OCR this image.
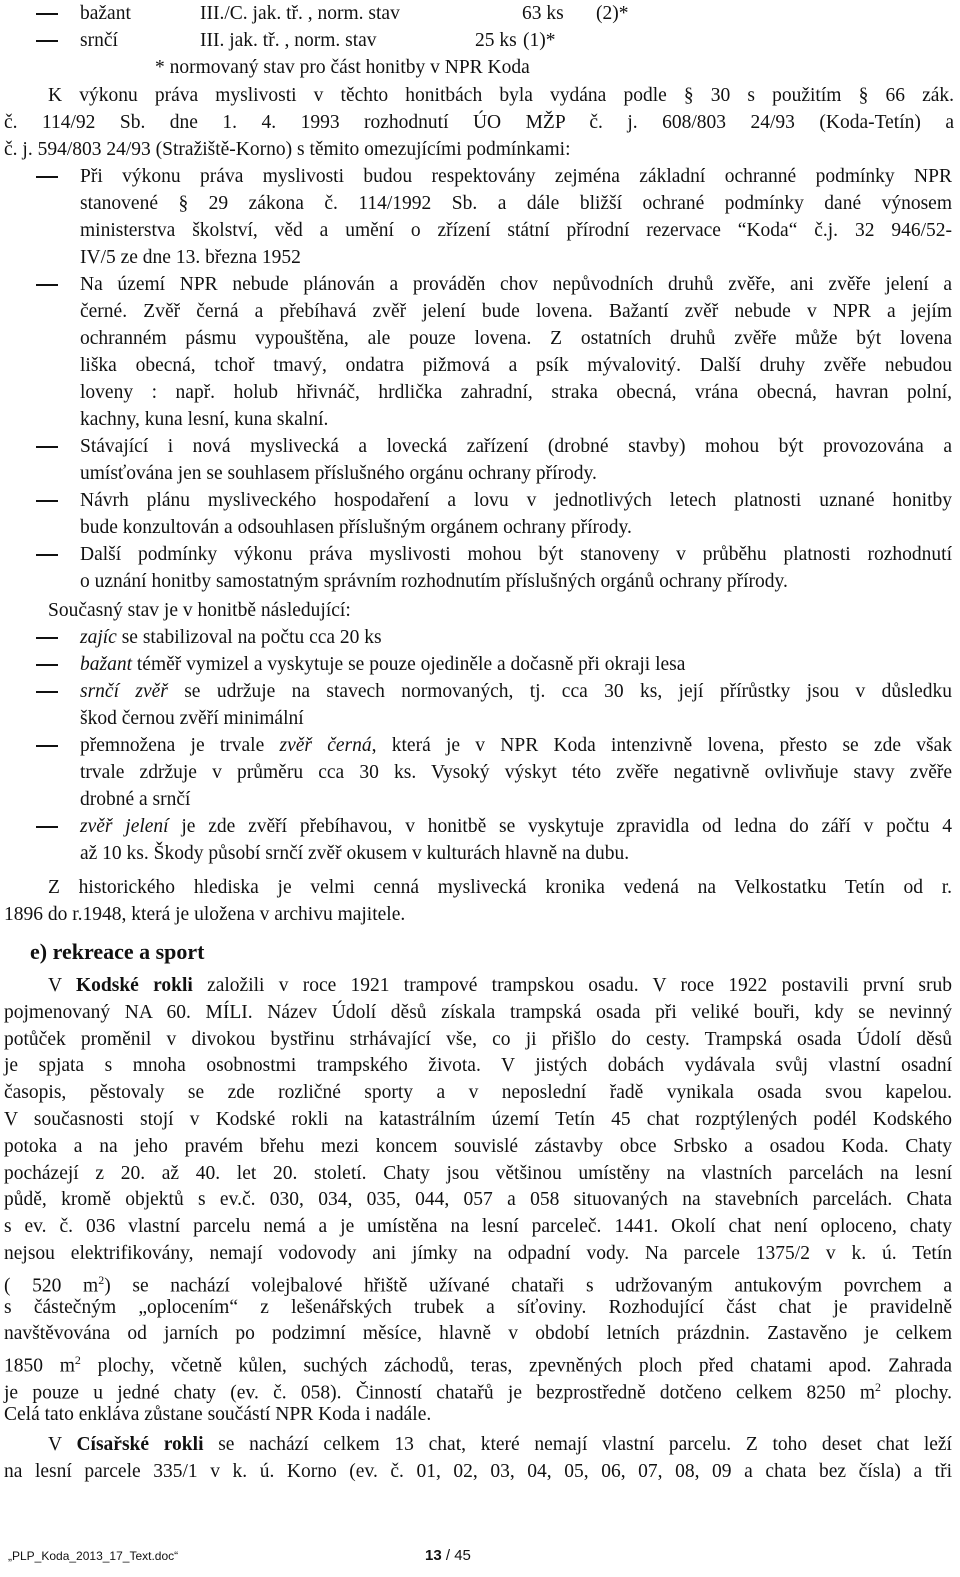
bažant	III./C. jak. tř. , norm. stav	63 ks (2)*
srnčí	III. jak. tř. , norm. stav	25 ks (1)*
* normovaný stav pro část honitby v NPR Koda
K výkonu práva myslivosti v těchto honitbách byla vydána podle § 30 s použitím § 66 zák.
č. 114/92 Sb. dne 1. 4. 1993 rozhodnutí ÚO MŽP č. j. 608/803 24/93 (Koda-Tetín) a
č. j. 594/803 24/93 (Stražiště-Korno) s těmito omezujícími podmínkami:
Při výkonu práva myslivosti budou respektovány zejména základní ochranné podmínky NPR
stanovené § 29 zákona č. 114/1992 Sb. a dále bližší ochrané podmínky dané výnosem
ministerstva školství, věd a umění o zřízení státní přírodní rezervace “Koda“ č.j. 32 946/52-
IV/5 ze dne 13. března 1952
Na území NPR nebude plánován a prováděn chov nepůvodních druhů zvěře, ani zvěře jelení a
černé. Zvěř černá a přebíhavá zvěř jelení bude lovena. Bažantí zvěř nebude v NPR a jejím
ochranném pásmu vypouštěna, ale pouze lovena. Z ostatních druhů zvěře může být lovena
liška obecná, tchoř tmavý, ondatra pižmová a psík mývalovitý. Další druhy zvěře nebudou
loveny : např. holub hřivnáč, hrdlička zahradní, straka obecná, vrána obecná, havran polní,
kachny, kuna lesní, kuna skalní.
Stávající i nová myslivecká a lovecká zařízení (drobné stavby) mohou být provozována a
umísťována jen se souhlasem příslušného orgánu ochrany přírody.
Návrh plánu mysliveckého hospodaření a lovu v jednotlivých letech platnosti uznané honitby
bude konzultován a odsouhlasen příslušným orgánem ochrany přírody.
Další podmínky výkonu práva myslivosti mohou být stanoveny v průběhu platnosti rozhodnutí
o uznání honitby samostatným správním rozhodnutím příslušných orgánů ochrany přírody.
Současný stav je v honitbě následující:
zajíc se stabilizoval na počtu cca 20 ks
bažant téměř vymizel a vyskytuje se pouze ojediněle a dočasně při okraji lesa
srnčí zvěř se udržuje na stavech normovaných, tj. cca 30 ks, její přírůstky jsou v důsledku
škod černou zvěří minimální
přemnožena je trvale zvěř černá, která je v NPR Koda intenzivně lovena, přesto se zde však
trvale zdržuje v průměru cca 30 ks. Vysoký výskyt této zvěře negativně ovlivňuje stavy zvěře
drobné a srnčí
zvěř jelení je zde zvěří přebíhavou, v honitbě se vyskytuje zpravidla od ledna do září v počtu 4
až 10 ks. Škody působí srnčí zvěř okusem v kulturách hlavně na dubu.
Z historického hlediska je velmi cenná myslivecká kronika vedená na Velkostatku Tetín od r.
1896 do r.1948, která je uložena v archivu majitele.
e) rekreace a sport
V Kodské rokli založili v roce 1921 trampové trampskou osadu. V roce 1922 postavili první srub
pojmenovaný NA 60. MÍLI. Název Údolí děsů získala trampská osada při veliké bouři, kdy se nevinný
potůček proměnil v divokou bystřinu strhávající vše, co ji přišlo do cesty. Trampská osada Údolí děsů
je spjata s mnoha osobnostmi trampského života. V jistých dobách vydávala svůj vlastní osadní
časopis, pěstovaly se zde rozličné sporty a v neposlední řadě vynikala osada svou kapelou.
V současnosti stojí v Kodské rokli na katastrálním území Tetín 45 chat rozptýlených podél Kodského
potoka a na jeho pravém břehu mezi koncem souvislé zástavby obce Srbsko a osadou Koda. Chaty
pocházejí z 20. až 40. let 20. století. Chaty jsou většinou umístěny na vlastních parcelách na lesní
půdě, kromě objektů s ev.č. 030, 034, 035, 044, 057 a 058 situovaných na stavebních parcelách. Chata
s ev. č. 036 vlastní parcelu nemá a je umístěna na lesní parceleč. 1441. Okolí chat není oploceno, chaty
nejsou elektrifikovány, nemají vodovody ani jímky na odpadní vody. Na parcele 1375/2 v k. ú. Tetín
( 520 $m^2$) se nachází volejbalové hřiště užívané chataři s udržovaným antukovým povrchem a
s částečným „oplocením“ z lešenářských trubek a síťoviny. Rozhodující část chat je pravidelně
navštěvována od jarních po podzimní měsíce, hlavně v období letních prázdnin. Zastavěno je celkem
1850 $m^2$ plochy, včetně kůlen, suchých záchodů, teras, zpevněných ploch před chatami apod. Zahrada
je pouze u jedné chaty (ev. č. 058). Činností chatařů je bezprostředně dotčeno celkem 8250 $m^2$ plochy.
Celá tato enkláva zůstane součástí NPR Koda i nadále.
V Císařské rokli se nachází celkem 13 chat, které nemají vlastní parcelu. Z toho deset chat leží
na lesní parcele 335/1 v k. ú. Korno (ev. č. 01, 02, 03, 04, 05, 06, 07, 08, 09 a chata bez čísla) a tři
„PLP_Koda_2013_17_Text.doc“	13 / 45
